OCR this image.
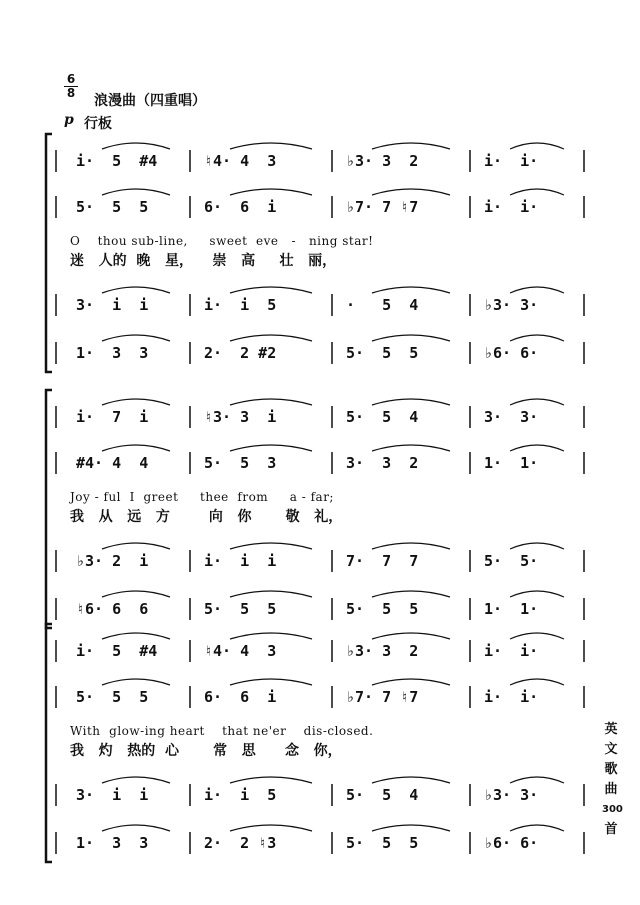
6
8 浪漫曲（四重唱）
p 行板
i·  5  #4	♮4· 4  3	♭3· 3  2	i·  i·
5·  5  5	6·  6  i	♭7· 7 ♮7	i·  i·
O    thou sub-line,     sweet  eve   -   ning star!
迷   人的  晚   星，    崇   高     壮   丽，
3·  i  i	i·  i  5	·   5  4	♭3· 3·
1·  3  3	2·  2 #2	5·  5  5	♭6· 6·
i·  7  i	♮3· 3  i	5·  5  4	3·  3·
#4· 4  4	5·  5  3	3·  3  2	1·  1·
Joy - ful  I  greet     thee  from     a - far;
我   从   远   方        向   你       敬   礼，
♭3· 2  i	i·  i  i	7·  7  7	5·  5·
♮6· 6  6	5·  5  5	5·  5  5	1·  1·
i·  5  #4	♮4· 4  3	♭3· 3  2	i·  i·
5·  5  5	6·  6  i	♭7· 7 ♮7	i·  i·
With  glow-ing heart    that ne'er    dis-closed.
我   灼   热的  心       常   思      念   你，
3·  i  i	i·  i  5	5·  5  4	♭3· 3·
1·  3  3	2·  2 ♮3	5·  5  5	♭6· 6·
英
文
歌
曲
300
首
